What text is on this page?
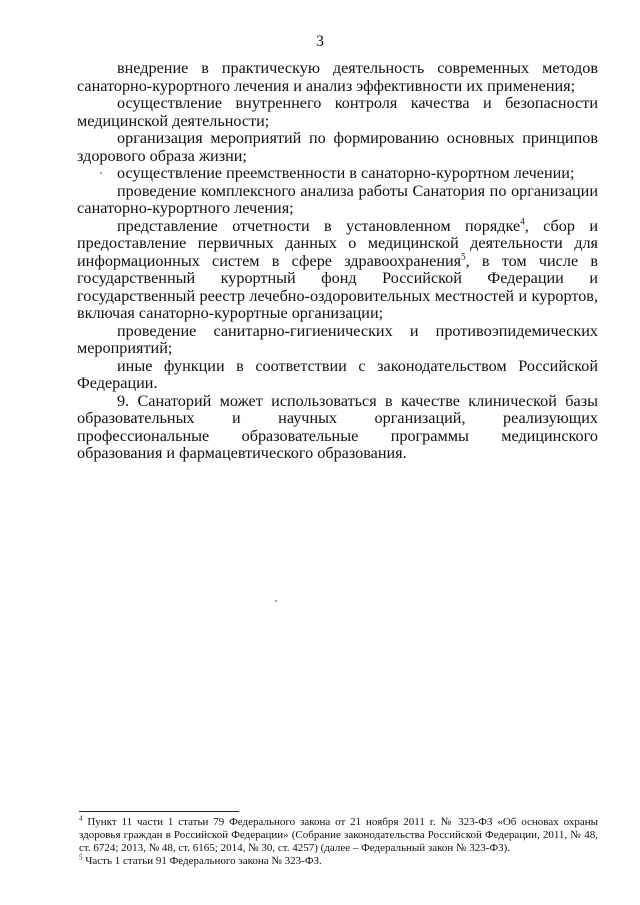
3

внедрение в практическую деятельность современных методов санаторно-курортного лечения и анализ эффективности их применения;

осуществление внутреннего контроля качества и безопасности медицинской деятельности;

организация мероприятий по формированию основных принципов здорового образа жизни;

осуществление преемственности в санаторно-курортном лечении;

проведение комплексного анализа работы Санатория по организации санаторно-курортного лечения;

представление отчетности в установленном порядке$^4$, сбор и предоставление первичных данных о медицинской деятельности для информационных систем в сфере здравоохранения$^5$, в том числе в государственный курортный фонд Российской Федерации и государственный реестр лечебно-оздоровительных местностей и курортов, включая санаторно-курортные организации;

проведение санитарно-гигиенических и противоэпидемических мероприятий;

иные функции в соответствии с законодательством Российской Федерации.

9. Санаторий может использоваться в качестве клинической базы образовательных и научных организаций, реализующих профессиональные образовательные программы медицинского образования и фармацевтического образования.

$^4$ Пункт 11 части 1 статьи 79 Федерального закона от 21 ноября 2011 г. № 323-ФЗ «Об основах охраны здоровья граждан в Российской Федерации» (Собрание законодательства Российской Федерации, 2011, № 48, ст. 6724; 2013, № 48, ст. 6165; 2014, № 30, ст. 4257) (далее – Федеральный закон № 323-ФЗ).

$^5$ Часть 1 статьи 91 Федерального закона № 323-ФЗ.
